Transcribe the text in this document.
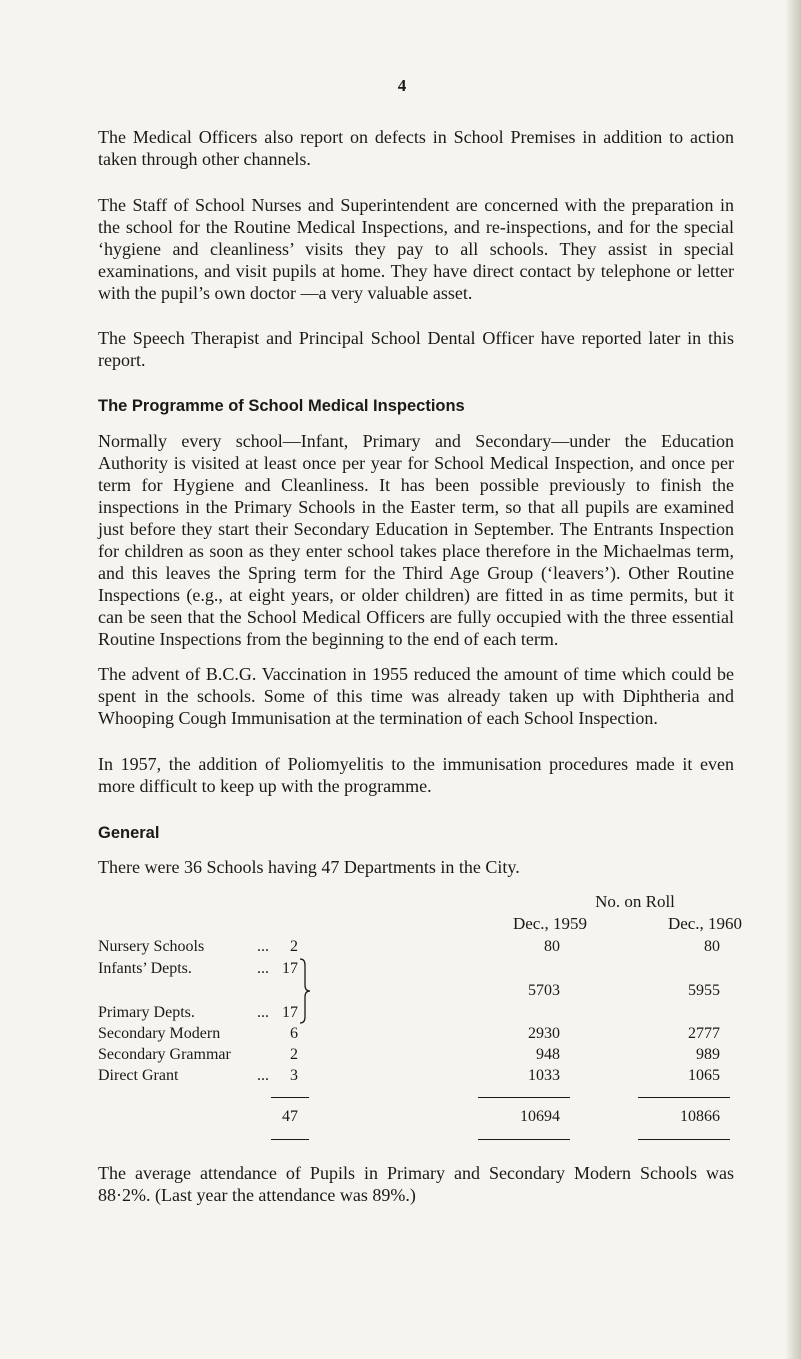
4

The Medical Officers also report on defects in School Premises in addition to action taken through other channels.

The Staff of School Nurses and Superintendent are concerned with the preparation in the school for the Routine Medical Inspections, and re-inspections, and for the special ‘hygiene and cleanliness’ visits they pay to all schools. They assist in special examinations, and visit pupils at home. They have direct contact by telephone or letter with the pupil’s own doctor —a very valuable asset.

The Speech Therapist and Principal School Dental Officer have reported later in this report.

The Programme of School Medical Inspections

Normally every school—Infant, Primary and Secondary—under the Education Authority is visited at least once per year for School Medical Inspection, and once per term for Hygiene and Cleanliness. It has been possible previously to finish the inspections in the Primary Schools in the Easter term, so that all pupils are examined just before they start their Secondary Education in September. The Entrants Inspection for children as soon as they enter school takes place therefore in the Michaelmas term, and this leaves the Spring term for the Third Age Group (‘leavers’). Other Routine Inspections (e.g., at eight years, or older children) are fitted in as time permits, but it can be seen that the School Medical Officers are fully occupied with the three essential Routine Inspections from the beginning to the end of each term.

The advent of B.C.G. Vaccination in 1955 reduced the amount of time which could be spent in the schools. Some of this time was already taken up with Diphtheria and Whooping Cough Immunisation at the termination of each School Inspection.

In 1957, the addition of Poliomyelitis to the immunisation procedures made it even more difficult to keep up with the programme.

General

There were 36 Schools having 47 Departments in the City.

No. on Roll
Dec., 1959	Dec., 1960
Nursery Schools	...	2	80	80
Infants’ Depts.	... 17
5703	5955
Primary Depts.	... 17
Secondary Modern	6	2930	2777
Secondary Grammar	2	948	989
Direct Grant	...	3	1033	1065
47	10694	10866

The average attendance of Pupils in Primary and Secondary Modern Schools was 88·2%. (Last year the attendance was 89%.)
